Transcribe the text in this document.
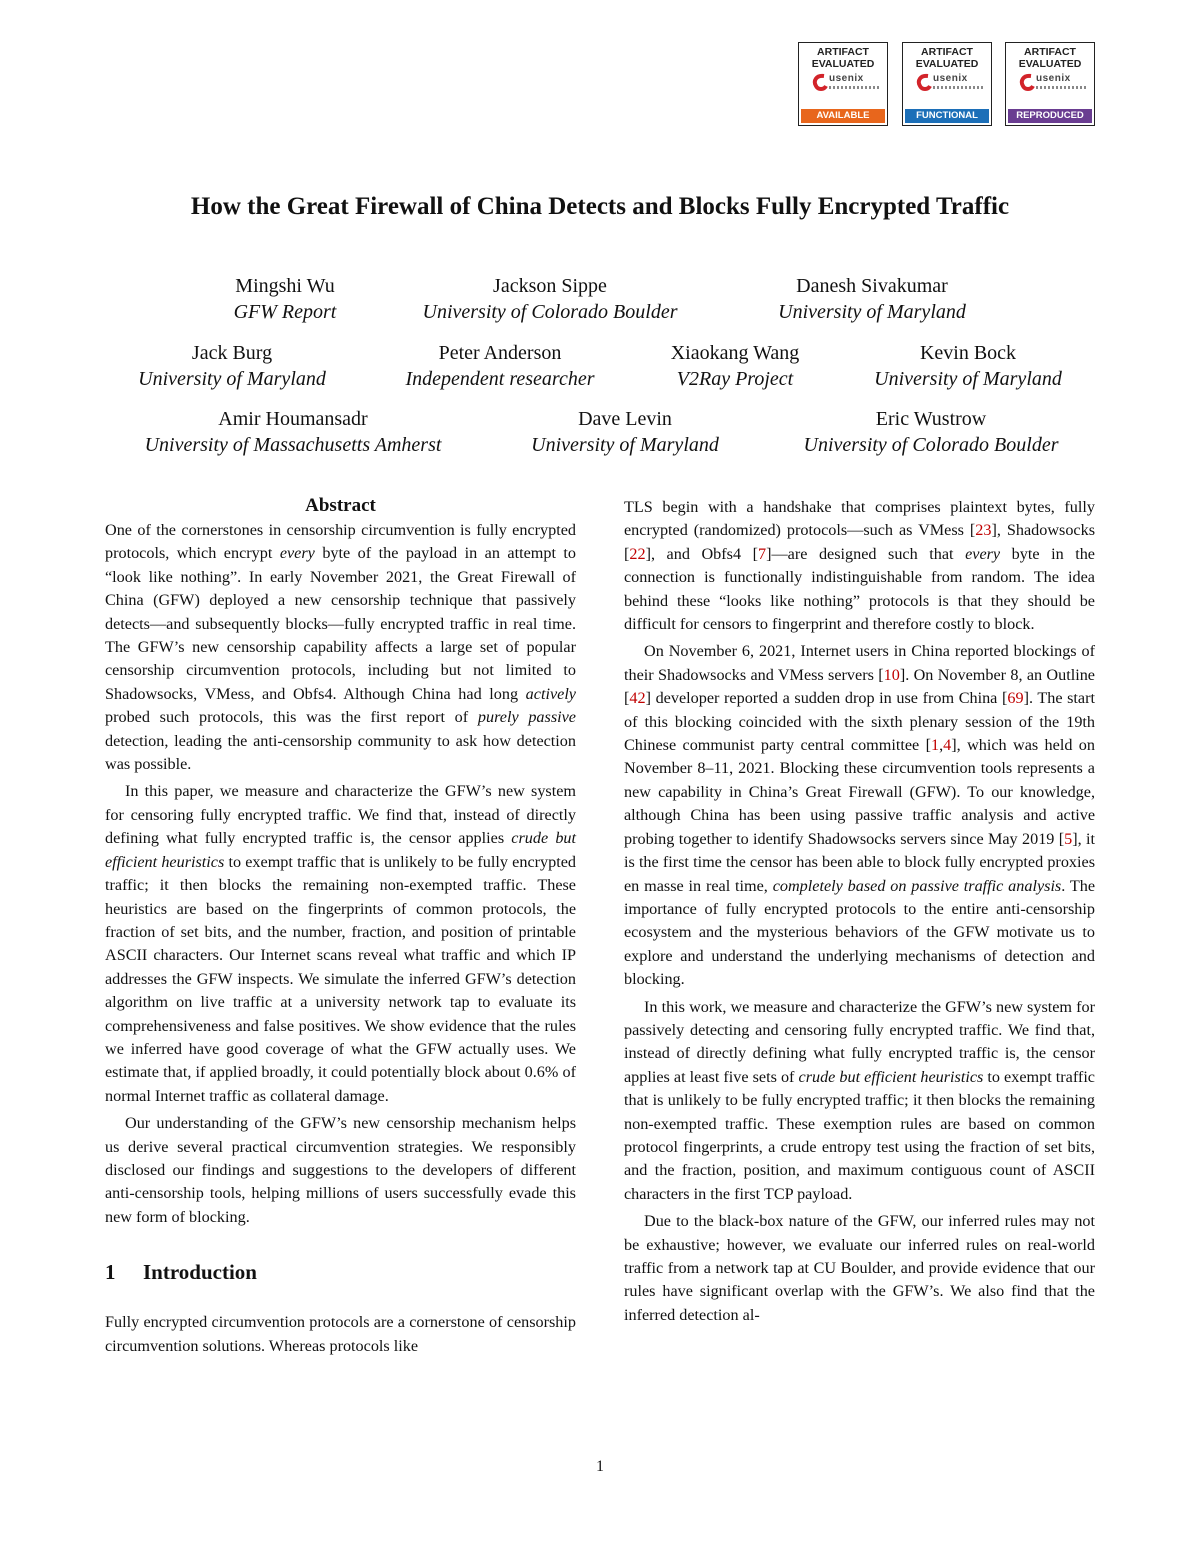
ARTIFACT
EVALUATED
usenix
AVAILABLE
ARTIFACT
EVALUATED
usenix
FUNCTIONAL
ARTIFACT
EVALUATED
usenix
REPRODUCED
How the Great Firewall of China Detects and Blocks Fully Encrypted Traffic
Mingshi Wu
GFW Report
Jackson Sippe
University of Colorado Boulder
Danesh Sivakumar
University of Maryland
Jack Burg
University of Maryland
Peter Anderson
Independent researcher
Xiaokang Wang
V2Ray Project
Kevin Bock
University of Maryland
Amir Houmansadr
University of Massachusetts Amherst
Dave Levin
University of Maryland
Eric Wustrow
University of Colorado Boulder
Abstract

One of the cornerstones in censorship circumvention is fully encrypted protocols, which encrypt every byte of the payload in an attempt to “look like nothing”. In early November 2021, the Great Firewall of China (GFW) deployed a new censorship technique that passively detects—and subsequently blocks—fully encrypted traffic in real time. The GFW’s new censorship capability affects a large set of popular censorship circumvention protocols, including but not limited to Shadowsocks, VMess, and Obfs4. Although China had long actively probed such protocols, this was the first report of purely passive detection, leading the anti-censorship community to ask how detection was possible.

In this paper, we measure and characterize the GFW’s new system for censoring fully encrypted traffic. We find that, instead of directly defining what fully encrypted traffic is, the censor applies crude but efficient heuristics to exempt traffic that is unlikely to be fully encrypted traffic; it then blocks the remaining non-exempted traffic. These heuristics are based on the fingerprints of common protocols, the fraction of set bits, and the number, fraction, and position of printable ASCII characters. Our Internet scans reveal what traffic and which IP addresses the GFW inspects. We simulate the inferred GFW’s detection algorithm on live traffic at a university network tap to evaluate its comprehensiveness and false positives. We show evidence that the rules we inferred have good coverage of what the GFW actually uses. We estimate that, if applied broadly, it could potentially block about 0.6% of normal Internet traffic as collateral damage.

Our understanding of the GFW’s new censorship mechanism helps us derive several practical circumvention strategies. We responsibly disclosed our findings and suggestions to the developers of different anti-censorship tools, helping millions of users successfully evade this new form of blocking.

1 Introduction

Fully encrypted circumvention protocols are a cornerstone of censorship circumvention solutions. Whereas protocols like

TLS begin with a handshake that comprises plaintext bytes, fully encrypted (randomized) protocols—such as VMess [23], Shadowsocks [22], and Obfs4 [7]—are designed such that every byte in the connection is functionally indistinguishable from random. The idea behind these “looks like nothing” protocols is that they should be difficult for censors to fingerprint and therefore costly to block.

On November 6, 2021, Internet users in China reported blockings of their Shadowsocks and VMess servers [10]. On November 8, an Outline [42] developer reported a sudden drop in use from China [69]. The start of this blocking coincided with the sixth plenary session of the 19th Chinese communist party central committee [1,4], which was held on November 8–11, 2021. Blocking these circumvention tools represents a new capability in China’s Great Firewall (GFW). To our knowledge, although China has been using passive traffic analysis and active probing together to identify Shadowsocks servers since May 2019 [5], it is the first time the censor has been able to block fully encrypted proxies en masse in real time, completely based on passive traffic analysis. The importance of fully encrypted protocols to the entire anti-censorship ecosystem and the mysterious behaviors of the GFW motivate us to explore and understand the underlying mechanisms of detection and blocking.

In this work, we measure and characterize the GFW’s new system for passively detecting and censoring fully encrypted traffic. We find that, instead of directly defining what fully encrypted traffic is, the censor applies at least five sets of crude but efficient heuristics to exempt traffic that is unlikely to be fully encrypted traffic; it then blocks the remaining non-exempted traffic. These exemption rules are based on common protocol fingerprints, a crude entropy test using the fraction of set bits, and the fraction, position, and maximum contiguous count of ASCII characters in the first TCP payload.

Due to the black-box nature of the GFW, our inferred rules may not be exhaustive; however, we evaluate our inferred rules on real-world traffic from a network tap at CU Boulder, and provide evidence that our rules have significant overlap with the GFW’s. We also find that the inferred detection al-

1
